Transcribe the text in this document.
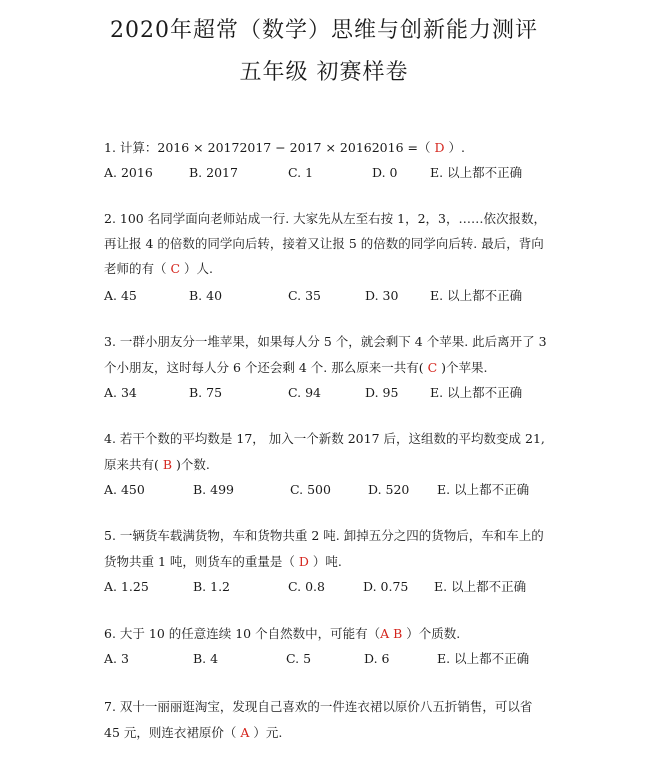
2020年超常（数学）思维与创新能力测评
五年级 初赛样卷
1. 计算：2016 × 20172017 − 2017 × 20162016 =（ D ）.
A. 2016	B. 2017	C. 1	D. 0	E. 以上都不正确
2. 100 名同学面向老师站成一行. 大家先从左至右按 1，2，3，……依次报数，
再让报 4 的倍数的同学向后转，接着又让报 5 的倍数的同学向后转. 最后，背向
老师的有（ C ）人.
A. 45	B. 40	C. 35	D. 30	E. 以上都不正确
3. 一群小朋友分一堆苹果，如果每人分 5 个，就会剩下 4 个苹果. 此后离开了 3
个小朋友，这时每人分 6 个还会剩 4 个. 那么原来一共有( C )个苹果.
A. 34	B. 75	C. 94	D. 95	E. 以上都不正确
4. 若干个数的平均数是 17， 加入一个新数 2017 后，这组数的平均数变成 21,
原来共有( B )个数.
A. 450	B. 499	C. 500	D. 520 E. 以上都不正确
5. 一辆货车载满货物，车和货物共重 2 吨. 卸掉五分之四的货物后，车和车上的
货物共重 1 吨，则货车的重量是（ D ）吨.
A. 1.25	B. 1.2	C. 0.8	D. 0.75 E. 以上都不正确
6. 大于 10 的任意连续 10 个自然数中，可能有（A B ）个质数.
A. 3	B. 4	C. 5	D. 6	E. 以上都不正确
7. 双十一丽丽逛淘宝，发现自己喜欢的一件连衣裙以原价八五折销售，可以省
45 元，则连衣裙原价（ A ）元.
